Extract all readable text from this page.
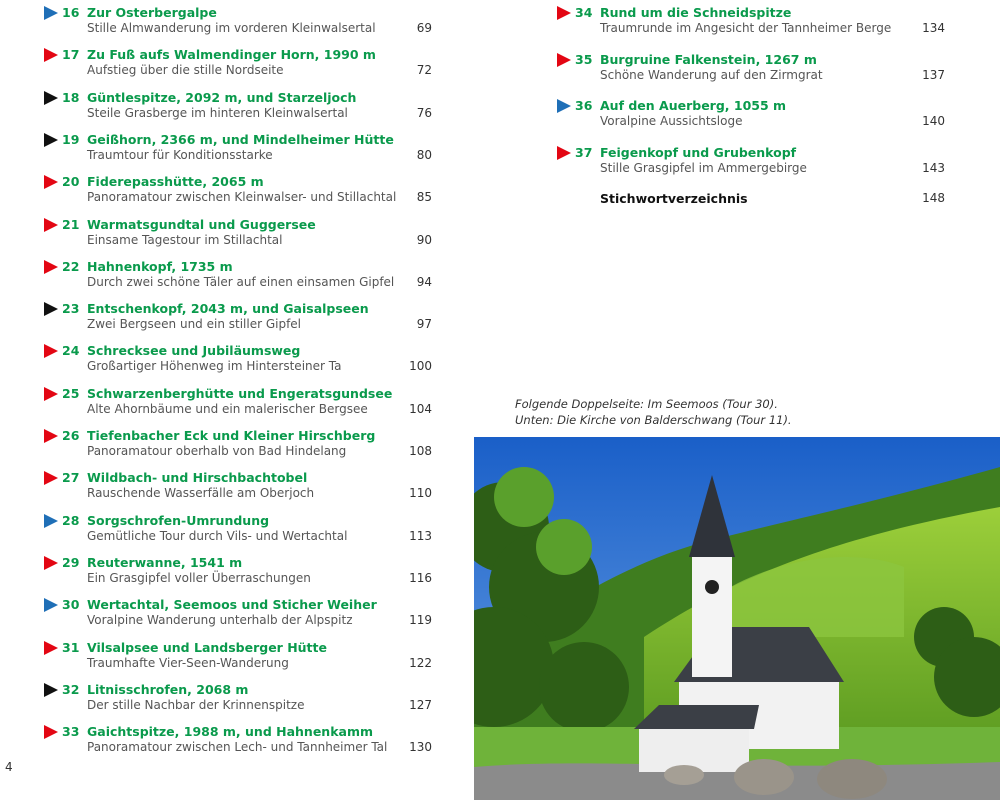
16 Zur Osterbergalpe
Stille Almwanderung im vorderen Kleinwalsertal	69
17 Zu Fuß aufs Walmendinger Horn, 1990 m
Aufstieg über die stille Nordseite	72
18 Güntlespitze, 2092 m, und Starzeljoch
Steile Grasberge im hinteren Kleinwalsertal	76
19 Geißhorn, 2366 m, und Mindelheimer Hütte
Traumtour für Konditionsstarke	80
20 Fiderepasshütte, 2065 m
Panoramatour zwischen Kleinwalser- und Stillachtal 85
21 Warmatsgundtal und Guggersee
Einsame Tagestour im Stillachtal	90
22 Hahnenkopf, 1735 m
Durch zwei schöne Täler auf einen einsamen Gipfel 94
23 Entschenkopf, 2043 m, und Gaisalpseen
Zwei Bergseen und ein stiller Gipfel	97
24 Schrecksee und Jubiläumsweg
Großartiger Höhenweg im Hintersteiner Ta	100
25 Schwarzenberghütte und Engeratsgundsee
Alte Ahornbäume und ein malerischer Bergsee	104
26 Tiefenbacher Eck und Kleiner Hirschberg
Panoramatour oberhalb von Bad Hindelang	108
27 Wildbach- und Hirschbachtobel
Rauschende Wasserfälle am Oberjoch	110
28 Sorgschrofen-Umrundung
Gemütliche Tour durch Vils- und Wertachtal	113
29 Reuterwanne, 1541 m
Ein Grasgipfel voller Überraschungen	116
30 Wertachtal, Seemoos und Sticher Weiher
Voralpine Wanderung unterhalb der Alpspitz	119
31 Vilsalpsee und Landsberger Hütte
Traumhafte Vier-Seen-Wanderung	122
32 Litnisschrofen, 2068 m
Der stille Nachbar der Krinnenspitze	127
33 Gaichtspitze, 1988 m, und Hahnenkamm
Panoramatour zwischen Lech- und Tannheimer Tal 130
Stichwortverzeichnis	148
34 Rund um die Schneidspitze
Traumrunde im Angesicht der Tannheimer Berge	134
35 Burgruine Falkenstein, 1267 m
Schöne Wanderung auf den Zirmgrat	137
36 Auf den Auerberg, 1055 m
Voralpine Aussichtsloge	140
37 Feigenkopf und Grubenkopf
Stille Grasgipfel im Ammergebirge	143
4
Folgende Doppelseite: Im Seemoos (Tour 30).
Unten: Die Kirche von Balderschwang (Tour 11).
